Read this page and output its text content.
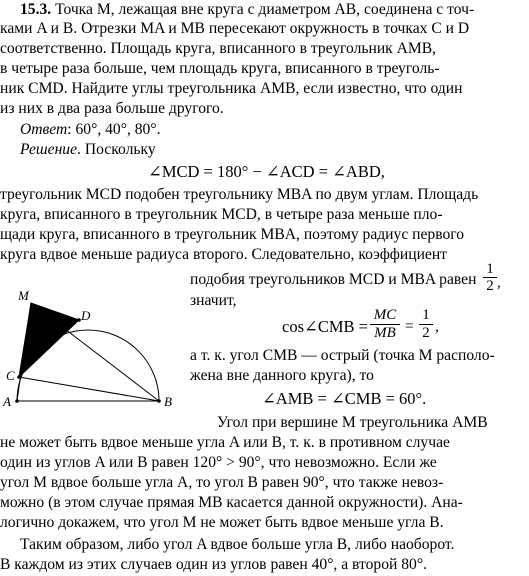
15.3. Точка M, лежащая вне круга с диаметром AB, соединена с точ-
ками A и B. Отрезки MA и MB пересекают окружность в точках C и D
соответственно. Площадь круга, вписанного в треугольник AMB,
в четыре раза больше, чем площадь круга, вписанного в треуголь-
ник CMD. Найдите углы треугольника AMB, если известно, что один
из них в два раза больше другого.
Ответ: 60°, 40°, 80°.
Решение. Поскольку
∠MCD = 180° − ∠ACD = ∠ABD,
треугольник MCD подобен треугольнику MBA по двум углам. Площадь
круга, вписанного в треугольник MCD, в четыре раза меньше пло-
щади круга, вписанного в треугольник MBA, поэтому радиус первого
круга вдвое меньше радиуса второго. Следовательно, коэффициент
подобия треугольников MCD и MBA равен $\frac{1}{2}$ ,
значит,
cos∠CMB =
MC
MB = $\frac{1}{2}$ ,
а т. к. угол CMB — острый (точка M располо-
жена вне данного круга), то
∠AMB = ∠CMB = 60°.
Угол при вершине M треугольника AMB
не может быть вдвое меньше угла A или B, т. к. в противном случае
один из углов A или B равен 120° > 90°, что невозможно. Если же
угол M вдвое больше угла A, то угол B равен 90°, что также невоз-
можно (в этом случае прямая MB касается данной окружности). Ана-
логично докажем, что угол M не может быть вдвое меньше угла B.
Таким образом, либо угол A вдвое больше угла B, либо наоборот.
В каждом из этих случаев один из углов равен 40°, а второй 80°.
M
D
C
A	B
